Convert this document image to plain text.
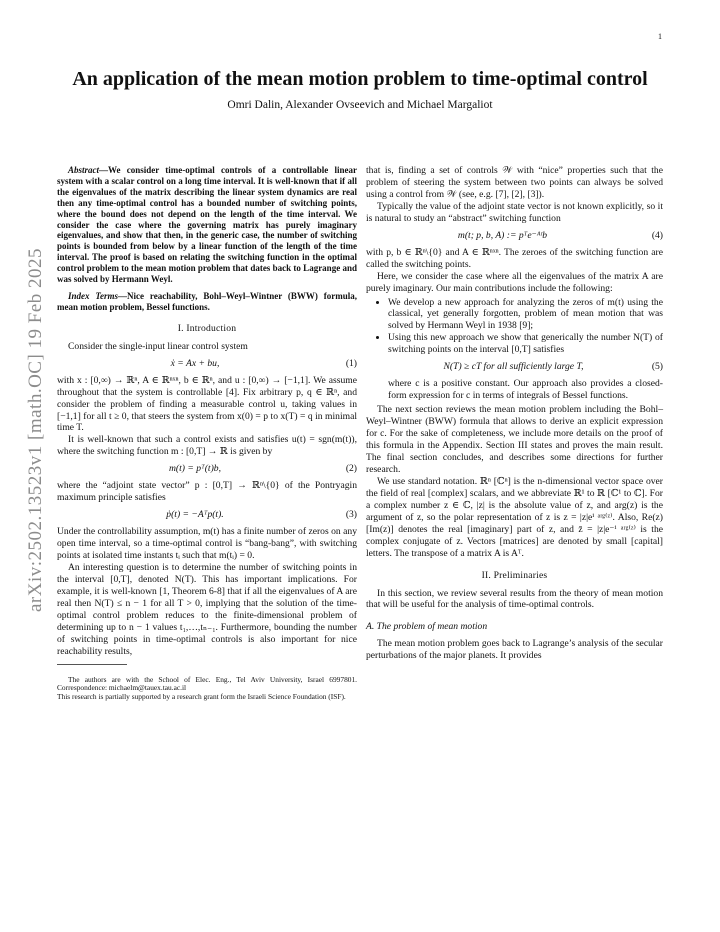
1
arXiv:2502.13523v1 [math.OC] 19 Feb 2025
An application of the mean motion problem to time-optimal control
Omri Dalin, Alexander Ovseevich and Michael Margaliot

Abstract—We consider time-optimal controls of a controllable linear system with a scalar control on a long time interval. It is well-known that if all the eigenvalues of the matrix describing the linear system dynamics are real then any time-optimal control has a bounded number of switching points, where the bound does not depend on the length of the time interval. We consider the case where the governing matrix has purely imaginary eigenvalues, and show that then, in the generic case, the number of switching points is bounded from below by a linear function of the length of the time interval. The proof is based on relating the switching function in the optimal control problem to the mean motion problem that dates back to Lagrange and was solved by Hermann Weyl.

Index Terms—Nice reachability, Bohl–Weyl–Wintner (BWW) formula, mean motion problem, Bessel functions.

I. Introduction

Consider the single-input linear control system

ẋ = Ax + bu,	(1)

with x : [0,∞) → ℝⁿ, A ∈ ℝⁿˣⁿ, b ∈ ℝⁿ, and u : [0,∞) → [−1,1]. We assume throughout that the system is controllable [4]. Fix arbitrary p, q ∈ ℝⁿ, and consider the problem of finding a measurable control u, taking values in [−1,1] for all t ≥ 0, that steers the system from x(0) = p to x(T) = q in minimal time T.

It is well-known that such a control exists and satisfies u(t) = sgn(m(t)), where the switching function m : [0,T] → ℝ is given by

m(t) = pᵀ(t)b,	(2)

where the “adjoint state vector” p : [0,T] → ℝⁿ\{0} of the Pontryagin maximum principle satisfies

ṗ(t) = −Aᵀp(t).	(3)

Under the controllability assumption, m(t) has a finite number of zeros on any open time interval, so a time-optimal control is “bang-bang”, with switching points at isolated time instants tᵢ such that m(tᵢ) = 0.

An interesting question is to determine the number of switching points in the interval [0,T], denoted N(T). This has important implications. For example, it is well-known [1, Theorem 6-8] that if all the eigenvalues of A are real then N(T) ≤ n − 1 for all T > 0, implying that the solution of the time-optimal control problem reduces to the finite-dimensional problem of determining up to n − 1 values t₁,…,tₙ₋₁. Furthermore, bounding the number of switching points in time-optimal controls is also important for nice reachability results,

The authors are with the School of Elec. Eng., Tel Aviv University, Israel 6997801. Correspondence: michaelm@tauex.tau.ac.il

This research is partially supported by a research grant form the Israeli Science Foundation (ISF).

that is, finding a set of controls 𝒲 with “nice” properties such that the problem of steering the system between two points can always be solved using a control from 𝒲 (see, e.g. [7], [2], [3]).

Typically the value of the adjoint state vector is not known explicitly, so it is natural to study an “abstract” switching function

m(t; p, b, A) := pᵀe⁻ᴬᵗb	(4)

with p, b ∈ ℝⁿ\{0} and A ∈ ℝⁿˣⁿ. The zeroes of the switching function are called the switching points.

Here, we consider the case where all the eigenvalues of the matrix A are purely imaginary. Our main contributions include the following:

• We develop a new approach for analyzing the zeros of m(t) using the classical, yet generally forgotten, problem of mean motion that was solved by Hermann Weyl in 1938 [9];
• Using this new approach we show that generically the number N(T) of switching points on the interval [0,T] satisfies
N(T) ≥ cT for all sufficiently large T,	(5)
where c is a positive constant. Our approach also provides a closed-form expression for c in terms of integrals of Bessel functions.

The next section reviews the mean motion problem including the Bohl–Weyl–Wintner (BWW) formula that allows to derive an explicit expression for c. For the sake of completeness, we include more details on the proof of this formula in the Appendix. Section III states and proves the main result. The final section concludes, and describes some directions for further research.

We use standard notation. ℝⁿ [ℂⁿ] is the n-dimensional vector space over the field of real [complex] scalars, and we abbreviate ℝ¹ to ℝ [ℂ¹ to ℂ]. For a complex number z ∈ ℂ, |z| is the absolute value of z, and arg(z) is the argument of z, so the polar representation of z is z = |z|eⁱ ᵃʳᵍ⁽ᶻ⁾. Also, Re(z) [Im(z)] denotes the real [imaginary] part of z, and z̄ = |z|e⁻ⁱ ᵃʳᵍ⁽ᶻ⁾ is the complex conjugate of z. Vectors [matrices] are denoted by small [capital] letters. The transpose of a matrix A is Aᵀ.

II. Preliminaries

In this section, we review several results from the theory of mean motion that will be useful for the analysis of time-optimal controls.

A. The problem of mean motion

The mean motion problem goes back to Lagrange’s analysis of the secular perturbations of the major planets. It provides
